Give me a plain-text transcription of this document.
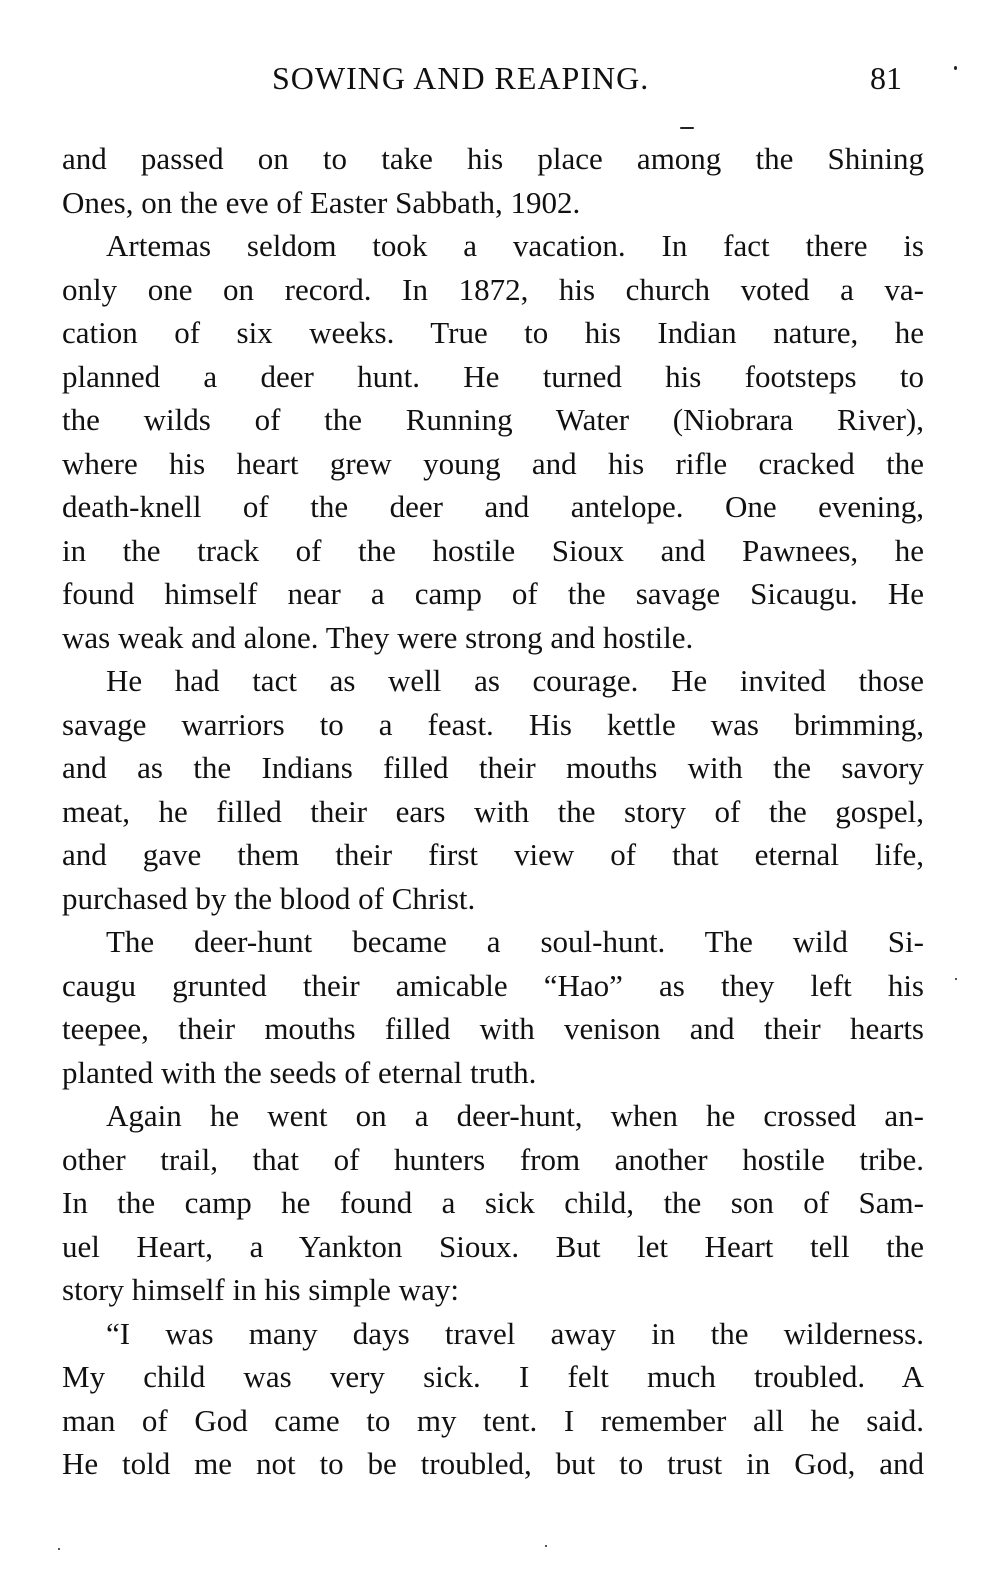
SOWING AND REAPING.	81
and passed on to take his place among the Shining
Ones, on the eve of Easter Sabbath, 1902.
Artemas seldom took a vacation. In fact there is
only one on record. In 1872, his church voted a va-
cation of six weeks. True to his Indian nature, he
planned a deer hunt. He turned his footsteps to
the wilds of the Running Water (Niobrara River),
where his heart grew young and his rifle cracked the
death-knell of the deer and antelope. One evening,
in the track of the hostile Sioux and Pawnees, he
found himself near a camp of the savage Sicaugu. He
was weak and alone. They were strong and hostile.
He had tact as well as courage. He invited those
savage warriors to a feast. His kettle was brimming,
and as the Indians filled their mouths with the savory
meat, he filled their ears with the story of the gospel,
and gave them their first view of that eternal life,
purchased by the blood of Christ.
The deer-hunt became a soul-hunt. The wild Si-
caugu grunted their amicable “Hao” as they left his
teepee, their mouths filled with venison and their hearts
planted with the seeds of eternal truth.
Again he went on a deer-hunt, when he crossed an-
other trail, that of hunters from another hostile tribe.
In the camp he found a sick child, the son of Sam-
uel Heart, a Yankton Sioux. But let Heart tell the
story himself in his simple way:
“I was many days travel away in the wilderness.
My child was very sick. I felt much troubled. A
man of God came to my tent. I remember all he said.
He told me not to be troubled, but to trust in God, and
